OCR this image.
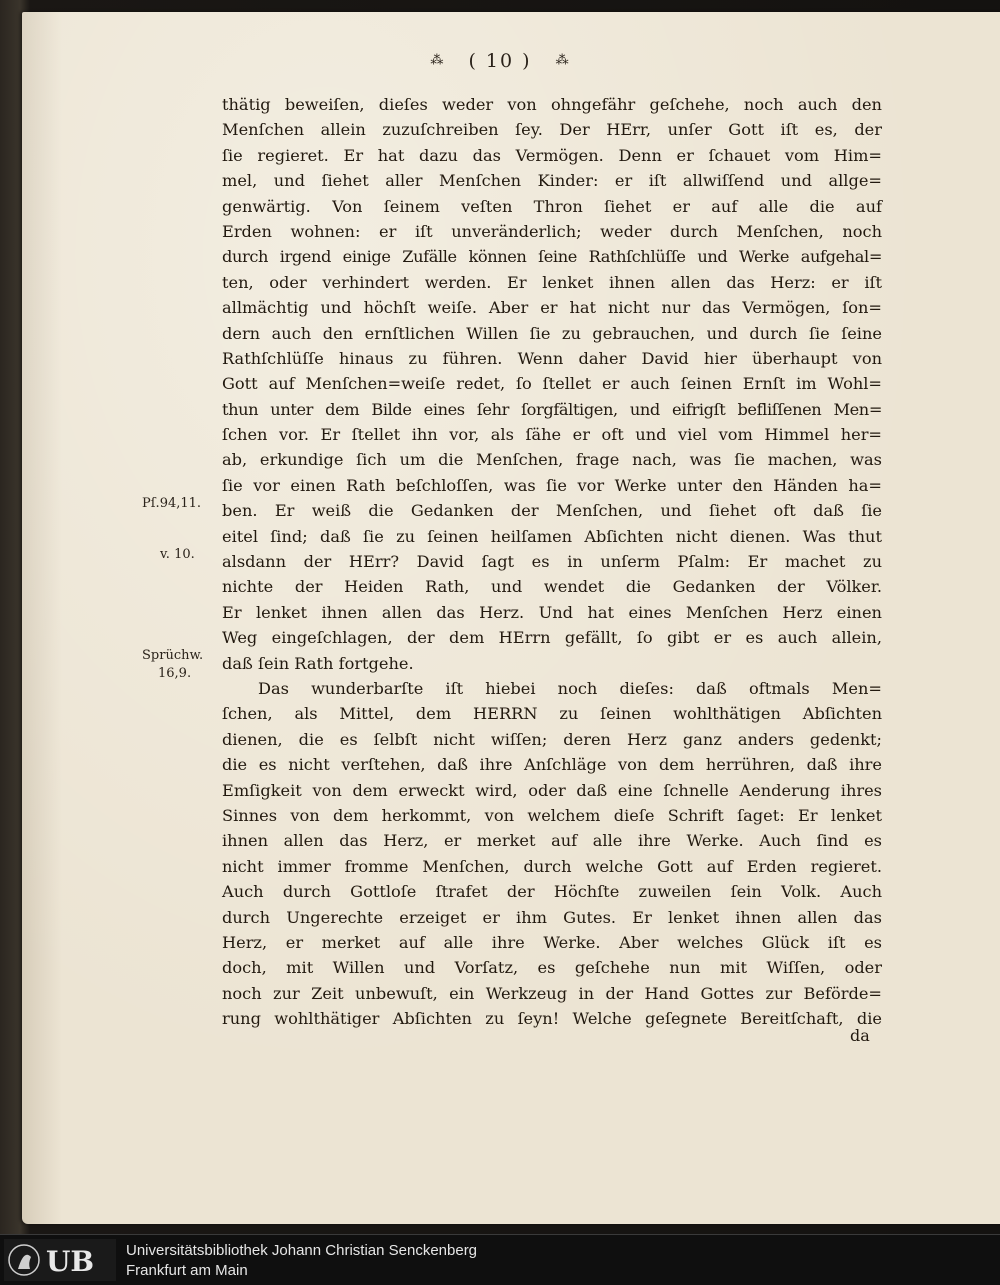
⁂ ( 10 ) ⁂
Pſ.94,11.
v. 10.
Sprüchw.
16,9.
thätig beweiſen, dieſes weder von ohngefähr geſchehe, noch auch den
Menſchen allein zuzuſchreiben ſey. Der HErr, unſer Gott iſt es, der
ſie regieret. Er hat dazu das Vermögen. Denn er ſchauet vom Him=
mel, und ſiehet aller Menſchen Kinder: er iſt allwiſſend und allge=
genwärtig. Von ſeinem veſten Thron ſiehet er auf alle die auf
Erden wohnen: er iſt unveränderlich; weder durch Menſchen, noch
durch irgend einige Zufälle können ſeine Rathſchlüſſe und Werke aufgehal=
ten, oder verhindert werden. Er lenket ihnen allen das Herz: er iſt
allmächtig und höchſt weiſe. Aber er hat nicht nur das Vermögen, ſon=
dern auch den ernſtlichen Willen ſie zu gebrauchen, und durch ſie ſeine
Rathſchlüſſe hinaus zu führen. Wenn daher David hier überhaupt von
Gott auf Menſchen=weiſe redet, ſo ſtellet er auch ſeinen Ernſt im Wohl=
thun unter dem Bilde eines ſehr ſorgfältigen, und eifrigſt befliſſenen Men=
ſchen vor. Er ſtellet ihn vor, als ſähe er oft und viel vom Himmel her=
ab, erkundige ſich um die Menſchen, frage nach, was ſie machen, was
ſie vor einen Rath beſchloſſen, was ſie vor Werke unter den Händen ha=
ben. Er weiß die Gedanken der Menſchen, und ſiehet oft daß ſie
eitel ſind; daß ſie zu ſeinen heilſamen Abſichten nicht dienen. Was thut
alsdann der HErr? David ſagt es in unſerm Pſalm: Er machet zu
nichte der Heiden Rath, und wendet die Gedanken der Völker.
Er lenket ihnen allen das Herz. Und hat eines Menſchen Herz einen
Weg eingeſchlagen, der dem HErrn gefällt, ſo gibt er es auch allein,
daß ſein Rath fortgehe.
Das wunderbarſte iſt hiebei noch dieſes: daß oftmals Men=
ſchen, als Mittel, dem HERRN zu ſeinen wohlthätigen Abſichten
dienen, die es ſelbſt nicht wiſſen; deren Herz ganz anders gedenkt;
die es nicht verſtehen, daß ihre Anſchläge von dem herrühren, daß ihre
Emſigkeit von dem erweckt wird, oder daß eine ſchnelle Aenderung ihres
Sinnes von dem herkommt, von welchem dieſe Schrift ſaget: Er lenket
ihnen allen das Herz, er merket auf alle ihre Werke. Auch ſind es
nicht immer fromme Menſchen, durch welche Gott auf Erden regieret.
Auch durch Gottloſe ſtrafet der Höchſte zuweilen ſein Volk. Auch
durch Ungerechte erzeiget er ihm Gutes. Er lenket ihnen allen das
Herz, er merket auf alle ihre Werke. Aber welches Glück iſt es
doch, mit Willen und Vorſatz, es geſchehe nun mit Wiſſen, oder
noch zur Zeit unbewuſt, ein Werkzeug in der Hand Gottes zur Beförde=
rung wohlthätiger Abſichten zu ſeyn! Welche geſegnete Bereitſchaft, die
da
UB Universitätsbibliothek Johann Christian Senckenberg
Frankfurt am Main
